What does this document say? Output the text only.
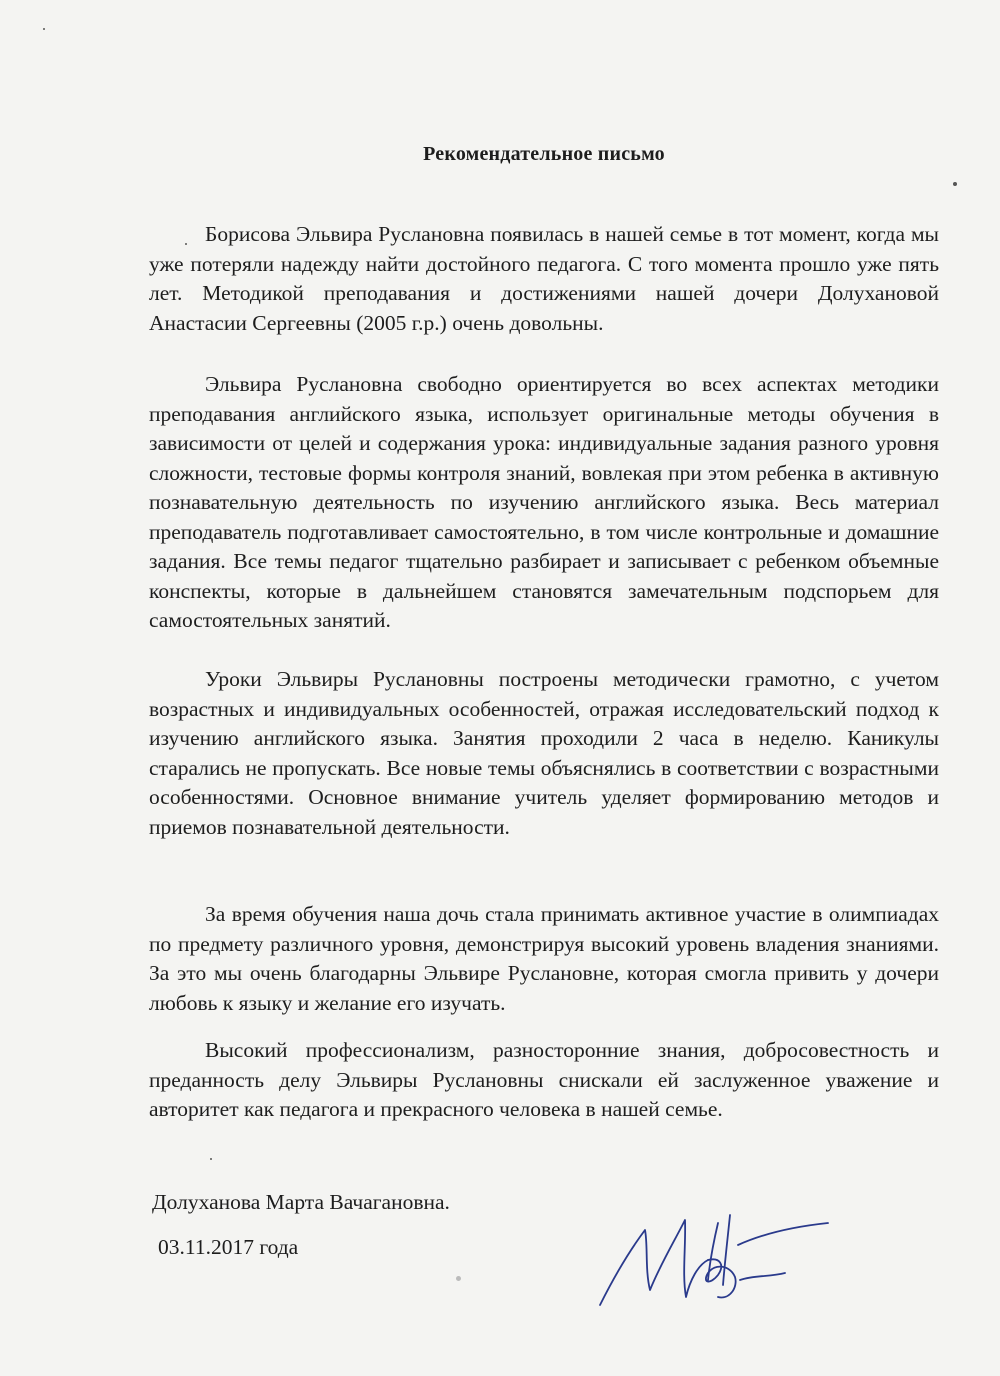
Рекомендательное письмо

Борисова Эльвира Руслановна появилась в нашей семье в тот момент, когда мы уже потеряли надежду найти достойного педагога. С того момента прошло уже пять лет. Методикой преподавания и достижениями нашей дочери Долухановой Анастасии Сергеевны (2005 г.р.) очень довольны.

Эльвира Руслановна свободно ориентируется во всех аспектах методики преподавания английского языка, использует оригинальные методы обучения в зависимости от целей и содержания урока: индивидуальные задания разного уровня сложности, тестовые формы контроля знаний, вовлекая при этом ребенка в активную познавательную деятельность по изучению английского языка. Весь материал преподаватель подготавливает самостоятельно, в том числе контрольные и домашние задания. Все темы педагог тщательно разбирает и записывает с ребенком объемные конспекты, которые в дальнейшем становятся замечательным подспорьем для самостоятельных занятий.

Уроки Эльвиры Руслановны построены методически грамотно, с учетом возрастных и индивидуальных особенностей, отражая исследовательский подход к изучению английского языка. Занятия проходили 2 часа в неделю. Каникулы старались не пропускать. Все новые темы объяснялись в соответствии с возрастными особенностями. Основное внимание учитель уделяет формированию методов и приемов познавательной деятельности.

За время обучения наша дочь стала принимать активное участие в олимпиадах по предмету различного уровня, демонстрируя высокий уровень владения знаниями. За это мы очень благодарны Эльвире Руслановне, которая смогла привить у дочери любовь к языку и желание его изучать.

Высокий профессионализм, разносторонние знания, добросовестность и преданность делу Эльвиры Руслановны снискали ей заслуженное уважение и авторитет как педагога и прекрасного человека в нашей семье.

Долуханова Марта Вачагановна.
03.11.2017 года
